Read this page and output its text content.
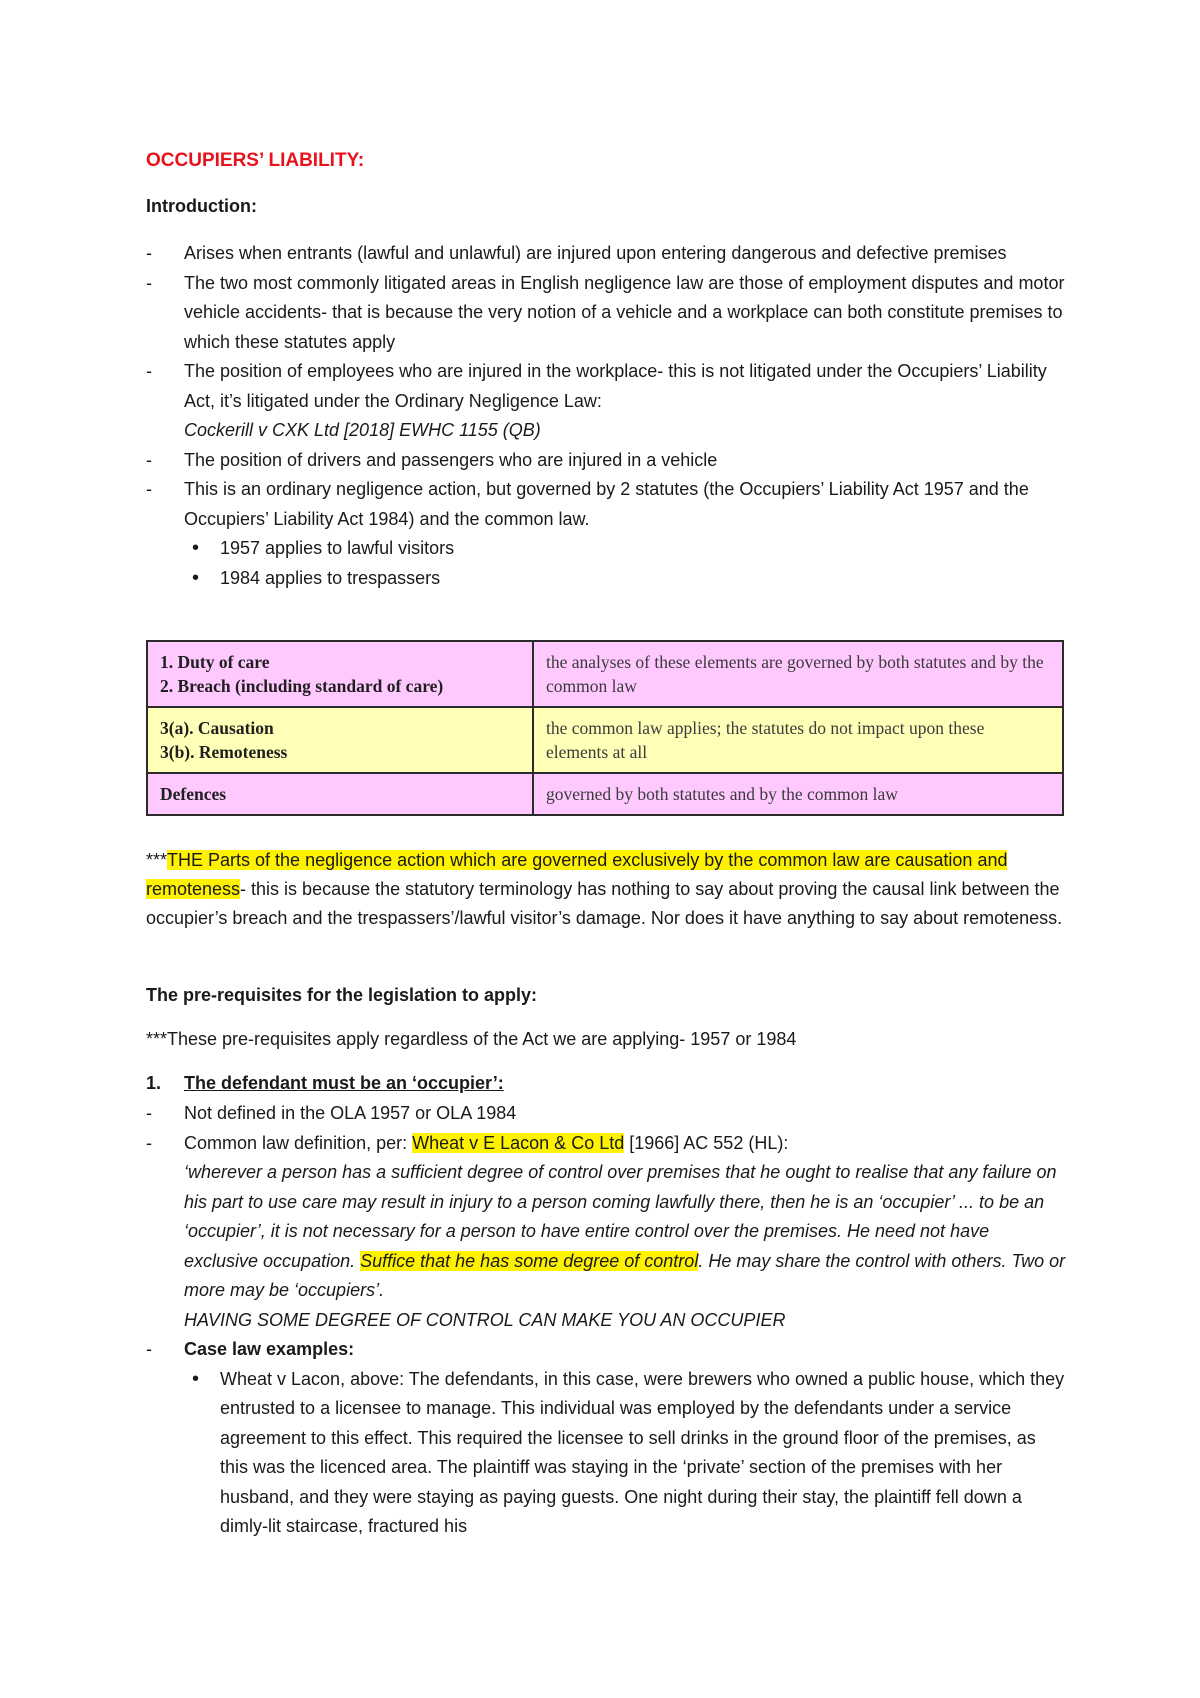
OCCUPIERS’ LIABILITY:
Introduction:
- Arises when entrants (lawful and unlawful) are injured upon entering dangerous and defective premises
- The two most commonly litigated areas in English negligence law are those of employment disputes and motor vehicle accidents- that is because the very notion of a vehicle and a workplace can both constitute premises to which these statutes apply
- The position of employees who are injured in the workplace- this is not litigated under the Occupiers’ Liability Act, it’s litigated under the Ordinary Negligence Law:
Cockerill v CXK Ltd [2018] EWHC 1155 (QB)
- The position of drivers and passengers who are injured in a vehicle
- This is an ordinary negligence action, but governed by 2 statutes (the Occupiers’ Liability Act 1957 and the Occupiers’ Liability Act 1984) and the common law.
• 1957 applies to lawful visitors
• 1984 applies to trespassers
1. Duty of care
2. Breach (including standard of care)	the analyses of these elements are governed by both statutes and by the common law

3(a). Causation
3(b). Remoteness	the common law applies; the statutes do not impact upon these elements at all
Defences	governed by both statutes and by the common law
***THE Parts of the negligence action which are governed exclusively by the common law are causation and remoteness- this is because the statutory terminology has nothing to say about proving the causal link between the occupier’s breach and the trespassers’/lawful visitor’s damage. Nor does it have anything to say about remoteness.
The pre-requisites for the legislation to apply:
***These pre-requisites apply regardless of the Act we are applying- 1957 or 1984
1. The defendant must be an ‘occupier’:
- Not defined in the OLA 1957 or OLA 1984
- Common law definition, per: Wheat v E Lacon & Co Ltd [1966] AC 552 (HL):
‘wherever a person has a sufficient degree of control over premises that he ought to realise that any failure on his part to use care may result in injury to a person coming lawfully there, then he is an ‘occupier’ ... to be an ‘occupier’, it is not necessary for a person to have entire control over the premises. He need not have exclusive occupation. Suffice that he has some degree of control. He may share the control with others. Two or more may be ‘occupiers’.
HAVING SOME DEGREE OF CONTROL CAN MAKE YOU AN OCCUPIER
- Case law examples:
• Wheat v Lacon, above: The defendants, in this case, were brewers who owned a public house, which they entrusted to a licensee to manage. This individual was employed by the defendants under a service agreement to this effect. This required the licensee to sell drinks in the ground floor of the premises, as this was the licenced area. The plaintiff was staying in the ‘private’ section of the premises with her husband, and they were staying as paying guests. One night during their stay, the plaintiff fell down a dimly-lit staircase, fractured his
